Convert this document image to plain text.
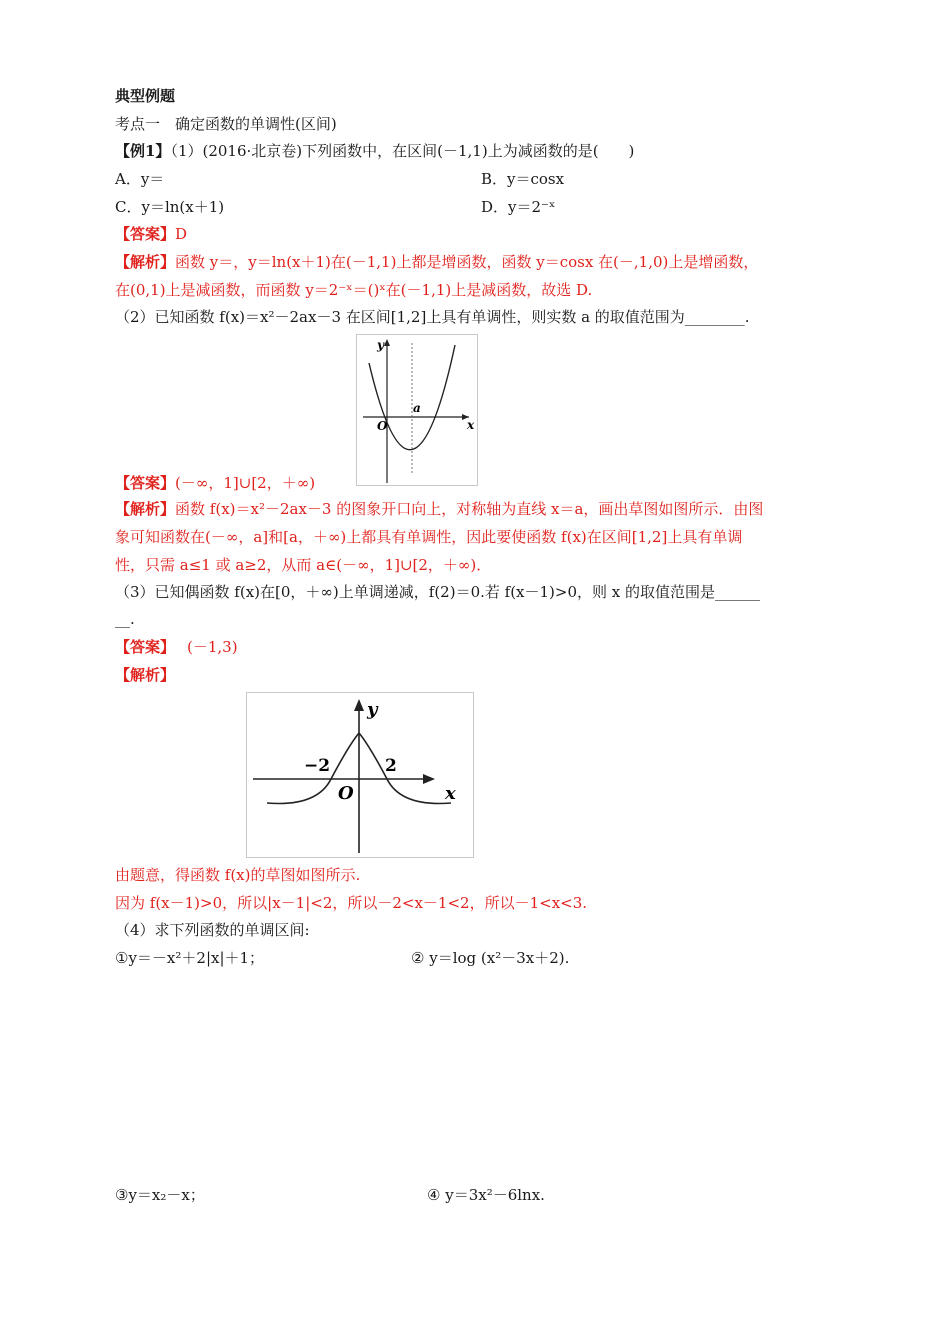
典型例题
考点一　确定函数的单调性(区间)
【例1】（1）(2016·北京卷)下列函数中，在区间(－1,1)上为减函数的是(　　)
A．y＝	B．y＝cosx
C．y＝ln(x＋1)	D．y＝2⁻ˣ
【答案】D
【解析】函数 y＝，y＝ln(x＋1)在(－1,1)上都是增函数，函数 y＝cosx 在(－,1,0)上是增函数，
在(0,1)上是减函数，而函数 y＝2⁻ˣ＝()ˣ在(－1,1)上是减函数，故选 D.
（2）已知函数 f(x)＝x²－2ax－3 在区间[1,2]上具有单调性，则实数 a 的取值范围为________.
y
x
O
a
【答案】(－∞，1]∪[2，＋∞)
【解析】函数 f(x)＝x²－2ax－3 的图象开口向上，对称轴为直线 x＝a，画出草图如图所示．由图
象可知函数在(－∞，a]和[a，＋∞)上都具有单调性，因此要使函数 f(x)在区间[1,2]上具有单调
性，只需 a≤1 或 a≥2，从而 a∈(－∞，1]∪[2，＋∞)．
（3）已知偶函数 f(x)在[0，＋∞)上单调递减，f(2)＝0.若 f(x－1)>0，则 x 的取值范围是______
__.
【答案】 (－1,3)
【解析】
y
x
O
−2	2
由题意，得函数 f(x)的草图如图所示.
因为 f(x－1)>0，所以|x－1|<2，所以－2<x－1<2，所以－1<x<3.
（4）求下列函数的单调区间:
①y＝－x²＋2|x|＋1；	② y＝log (x²－3x＋2).
③y＝x₂－x；	④ y＝3x²－6lnx.
